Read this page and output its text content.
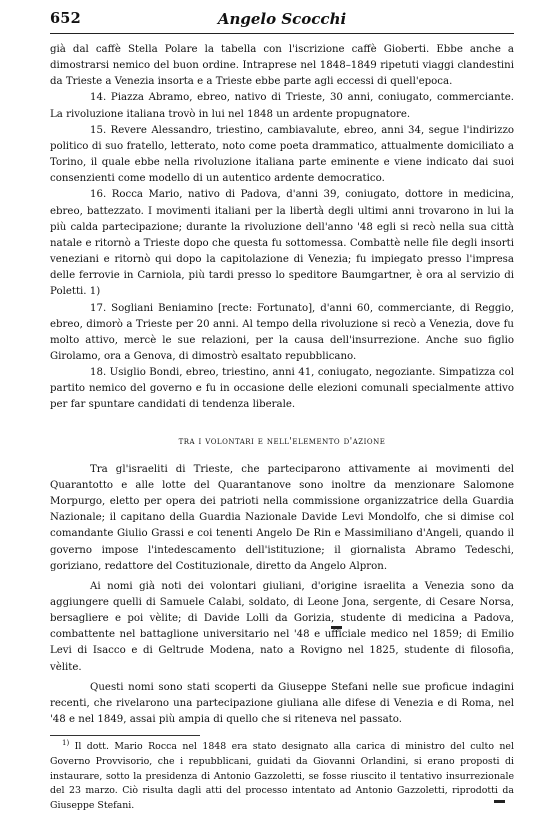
652	Angelo Scocchi

già dal caffè Stella Polare la tabella con l'iscrizione caffè Gioberti. Ebbe anche a dimostrarsi nemico del buon ordine. Intraprese nel 1848–1849 ripetuti viaggi clandestini da Trieste a Venezia insorta e a Trieste ebbe parte agli eccessi di quell'epoca.

14. Piazza Abramo, ebreo, nativo di Trieste, 30 anni, coniugato, commerciante. La rivoluzione italiana trovò in lui nel 1848 un ardente propugnatore.

15. Revere Alessandro, triestino, cambiavalute, ebreo, anni 34, segue l'indirizzo politico di suo fratello, letterato, noto come poeta drammatico, attualmente domiciliato a Torino, il quale ebbe nella rivoluzione italiana parte eminente e viene indicato dai suoi consenzienti come modello di un autentico ardente democratico.

16. Rocca Mario, nativo di Padova, d'anni 39, coniugato, dottore in medicina, ebreo, battezzato. I movimenti italiani per la libertà degli ultimi anni trovarono in lui la più calda partecipazione; durante la rivoluzione dell'anno '48 egli si recò nella sua città natale e ritornò a Trieste dopo che questa fu sottomessa. Combattè nelle file degli insorti veneziani e ritornò qui dopo la capitolazione di Venezia; fu impiegato presso l'impresa delle ferrovie in Carniola, più tardi presso lo speditore Baumgartner, è ora al servizio di Poletti. 1)

17. Sogliani Beniamino [recte: Fortunato], d'anni 60, commerciante, di Reggio, ebreo, dimorò a Trieste per 20 anni. Al tempo della rivoluzione si recò a Venezia, dove fu molto attivo, mercè le sue relazioni, per la causa dell'insurrezione. Anche suo figlio Girolamo, ora a Genova, di dimostrò esaltato repubblicano.

18. Usiglio Bondi, ebreo, triestino, anni 41, coniugato, negoziante. Simpatizza col partito nemico del governo e fu in occasione delle elezioni comunali specialmente attivo per far spuntare candidati di tendenza liberale.

tra i volontari e nell'elemento d'azione

Tra gl'israeliti di Trieste, che parteciparono attivamente ai movimenti del Quarantotto e alle lotte del Quarantanove sono inoltre da menzionare Salomone Morpurgo, eletto per opera dei patrioti nella commissione organizzatrice della Guardia Nazionale; il capitano della Guardia Nazionale Davide Levi Mondolfo, che si dimise col comandante Giulio Grassi e coi tenenti Angelo De Rin e Massimiliano d'Angeli, quando il governo impose l'intedescamento dell'istituzione; il giornalista Abramo Tedeschi, goriziano, redattore del Costituzionale, diretto da Angelo Alpron.

Ai nomi già noti dei volontari giuliani, d'origine israelita a Venezia sono da aggiungere quelli di Samuele Calabi, soldato, di Leone Jona, sergente, di Cesare Norsa, bersagliere e poi vèlite; di Davide Lolli da Gorizia, studente di medicina a Padova, combattente nel battaglione universitario nel '48 e ufficiale medico nel 1859; di Emilio Levi di Isacco e di Geltrude Modena, nato a Rovigno nel 1825, studente di filosofia, vèlite.

Questi nomi sono stati scoperti da Giuseppe Stefani nelle sue proficue indagini recenti, che rivelarono una partecipazione giuliana alle difese di Venezia e di Roma, nel '48 e nel 1849, assai più ampia di quello che si riteneva nel passato.

$^{1)}$ Il dott. Mario Rocca nel 1848 era stato designato alla carica di ministro del culto nel Governo Provvisorio, che i repubblicani, guidati da Giovanni Orlandini, si erano proposti di instaurare, sotto la presidenza di Antonio Gazzoletti, se fosse riuscito il tentativo insurrezionale del 23 marzo. Ciò risulta dagli atti del processo intentato ad Antonio Gazzoletti, riprodotti da Giuseppe Stefani.
